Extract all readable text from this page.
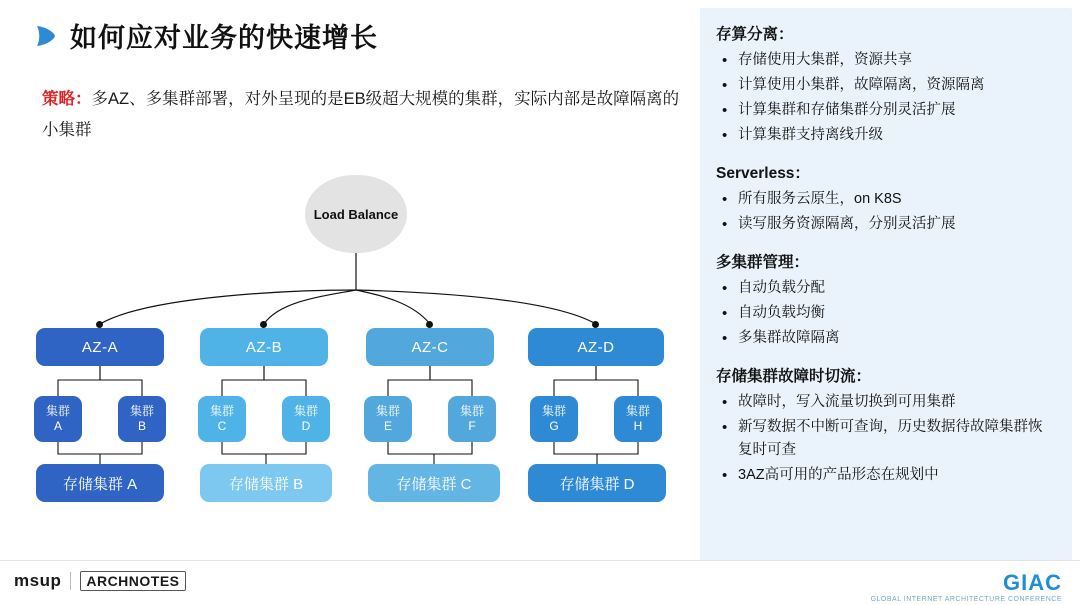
如何应对业务的快速增长
策略：多AZ、多集群部署，对外呈现的是EB级超大规模的集群，实际内部是故障隔离的小集群
Load Balance
AZ-A	AZ-B	AZ-C	AZ-D
集群
A
集群
B
集群
C
集群
D
集群
E
集群
F
集群
G
集群
H
存储集群 A	存储集群 B	存储集群 C	存储集群 D
存算分离：
• 存储使用大集群，资源共享
• 计算使用小集群，故障隔离，资源隔离
• 计算集群和存储集群分别灵活扩展
• 计算集群支持离线升级
Serverless：
• 所有服务云原生，on K8S
• 读写服务资源隔离，分别灵活扩展
多集群管理：
• 自动负载分配
• 自动负载均衡
• 多集群故障隔离
存储集群故障时切流：
• 故障时，写入流量切换到可用集群
• 新写数据不中断可查询，历史数据待故障集群恢复时可查
• 3AZ高可用的产品形态在规划中
msup	ARCHNOTES	GIAC
GLOBAL INTERNET ARCHITECTURE CONFERENCE
